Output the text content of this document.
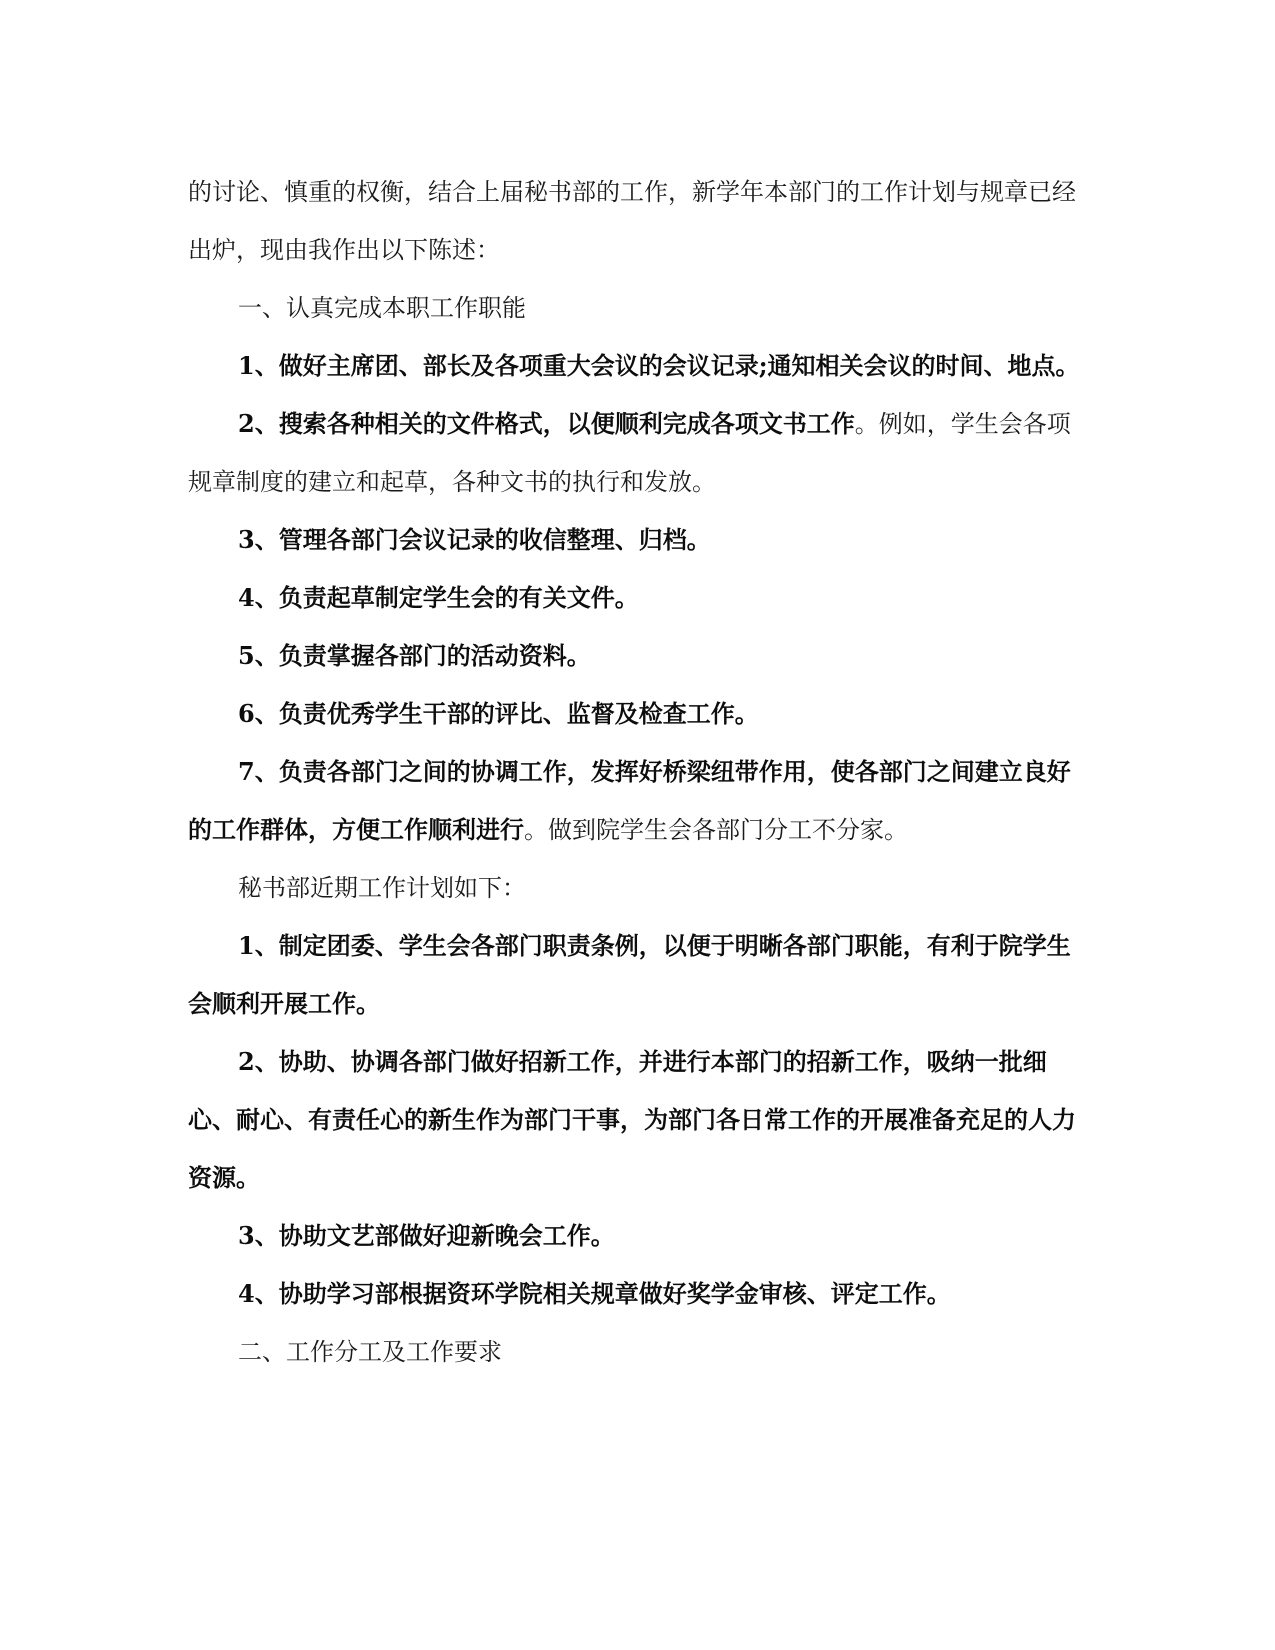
的讨论、慎重的权衡，结合上届秘书部的工作，新学年本部门的工作计划与规章已经出炉，现由我作出以下陈述：

一、认真完成本职工作职能

1、做好主席团、部长及各项重大会议的会议记录;通知相关会议的时间、地点。

2、搜索各种相关的文件格式，以便顺利完成各项文书工作。例如，学生会各项规章制度的建立和起草，各种文书的执行和发放。

3、管理各部门会议记录的收信整理、归档。

4、负责起草制定学生会的有关文件。

5、负责掌握各部门的活动资料。

6、负责优秀学生干部的评比、监督及检查工作。

7、负责各部门之间的协调工作，发挥好桥梁纽带作用，使各部门之间建立良好的工作群体，方便工作顺利进行。做到院学生会各部门分工不分家。

秘书部近期工作计划如下：

1、制定团委、学生会各部门职责条例，以便于明晰各部门职能，有利于院学生会顺利开展工作。

2、协助、协调各部门做好招新工作，并进行本部门的招新工作，吸纳一批细心、耐心、有责任心的新生作为部门干事，为部门各日常工作的开展准备充足的人力资源。

3、协助文艺部做好迎新晚会工作。

4、协助学习部根据资环学院相关规章做好奖学金审核、评定工作。

二、工作分工及工作要求
